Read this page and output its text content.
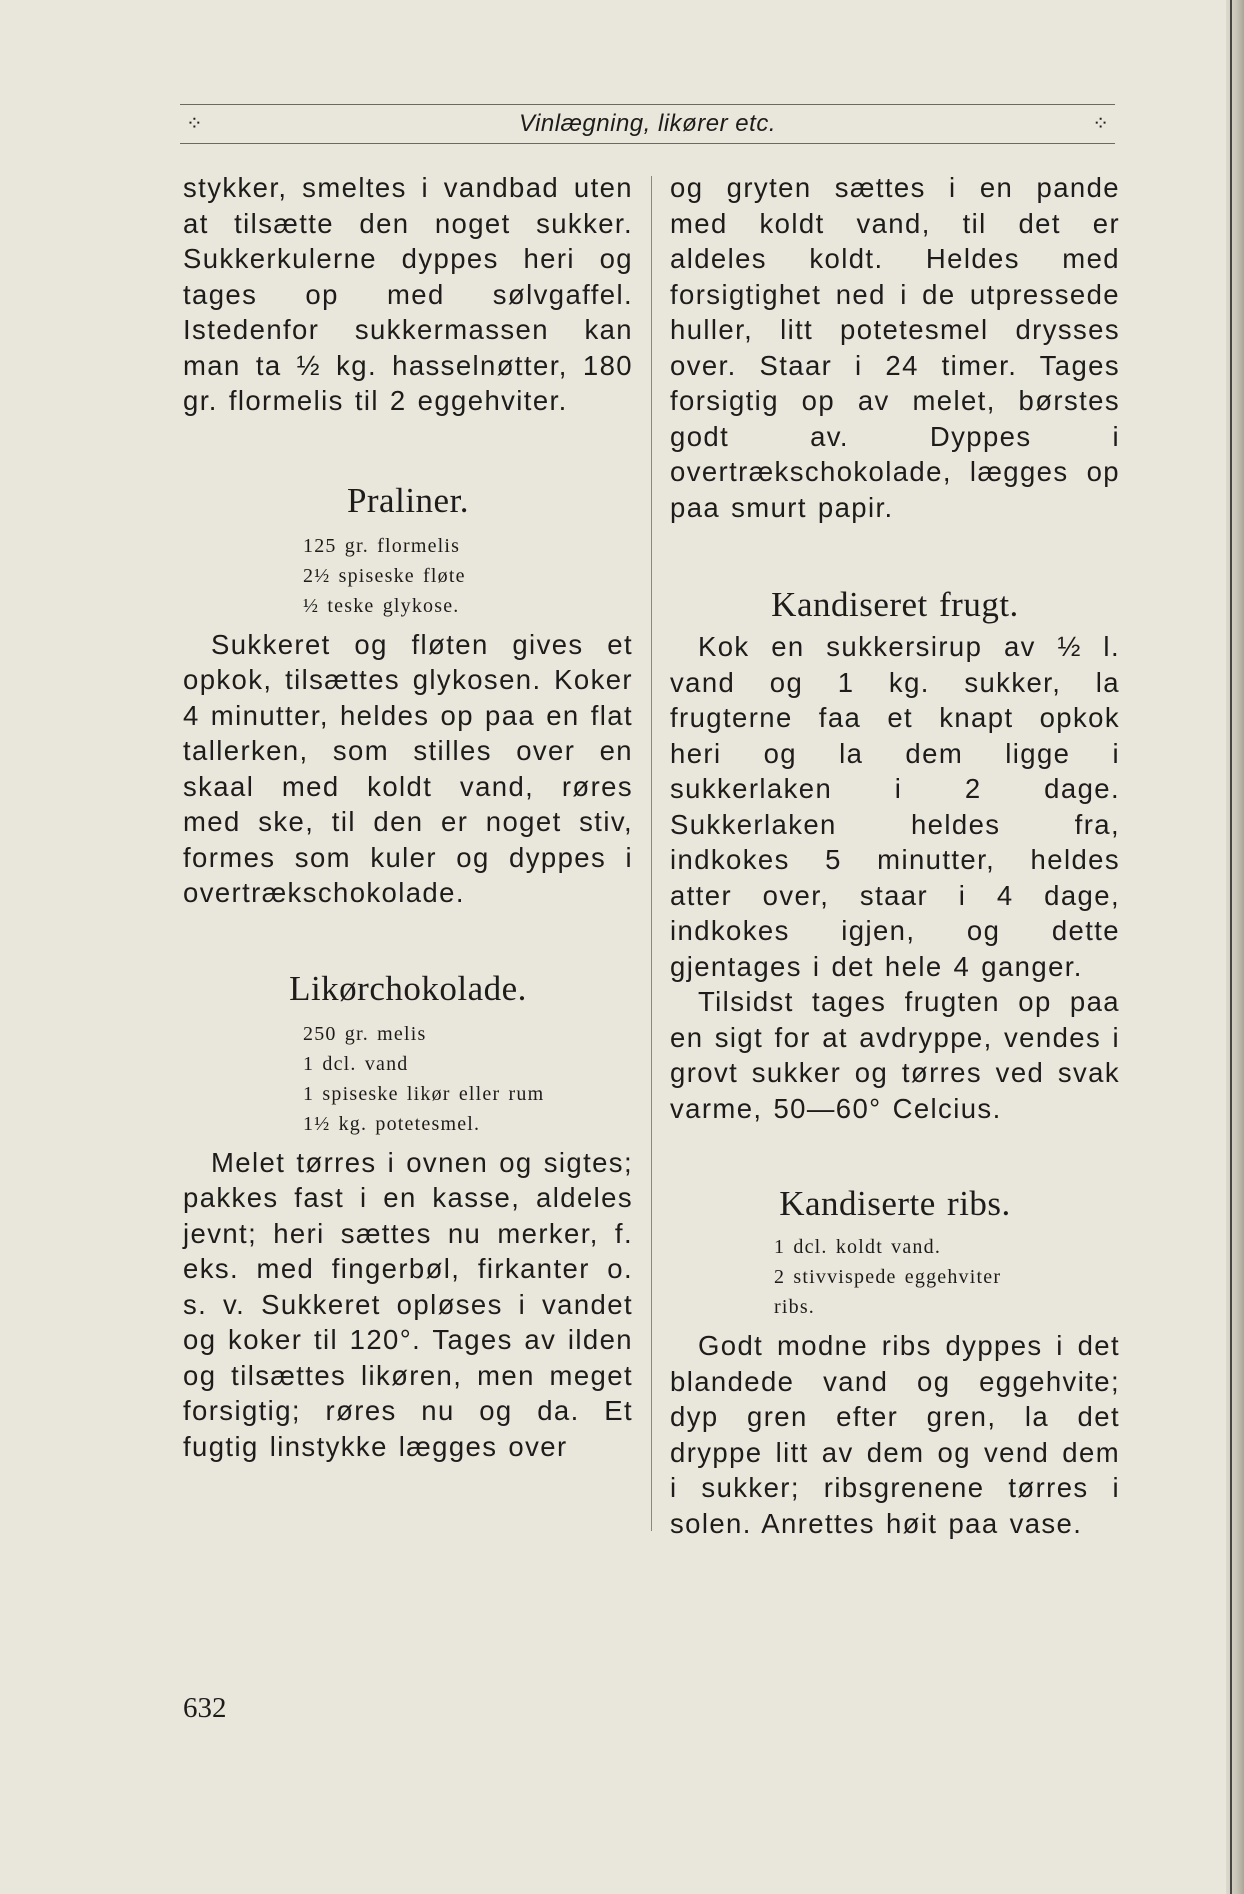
⁘	Vinlægning, likører etc.	⁘

stykker, smeltes i vandbad uten at tilsætte den noget sukker. Sukkerkulerne dyppes heri og tages op med sølvgaffel. Istedenfor sukkermassen kan man ta ½ kg. hasselnøtter, 180 gr. flormelis til 2 eggehviter.

Praliner.
125 gr. flormelis
2½ spiseske fløte
½ teske glykose.

Sukkeret og fløten gives et opkok, tilsættes glykosen. Koker 4 minutter, heldes op paa en flat tallerken, som stilles over en skaal med koldt vand, røres med ske, til den er noget stiv, formes som kuler og dyppes i overtrækschokolade.

Likørchokolade.
250 gr. melis
1 dcl. vand
1 spiseske likør eller rum
1½ kg. potetesmel.

Melet tørres i ovnen og sigtes; pakkes fast i en kasse, aldeles jevnt; heri sættes nu merker, f. eks. med fingerbøl, firkanter o. s. v. Sukkeret opløses i vandet og koker til 120°. Tages av ilden og tilsættes likøren, men meget forsigtig; røres nu og da. Et fugtig linstykke lægges over

og gryten sættes i en pande med koldt vand, til det er aldeles koldt. Heldes med forsigtighet ned i de utpressede huller, litt potetesmel drysses over. Staar i 24 timer. Tages forsigtig op av melet, børstes godt av. Dyppes i overtrækschokolade, lægges op paa smurt papir.

Kandiseret frugt.

Kok en sukkersirup av ½ l. vand og 1 kg. sukker, la frugterne faa et knapt opkok heri og la dem ligge i sukkerlaken i 2 dage. Sukkerlaken heldes fra, indkokes 5 minutter, heldes atter over, staar i 4 dage, indkokes igjen, og dette gjentages i det hele 4 ganger.

Tilsidst tages frugten op paa en sigt for at avdryppe, vendes i grovt sukker og tørres ved svak varme, 50—60° Celcius.

Kandiserte ribs.
1 dcl. koldt vand.
2 stivvispede eggehviter
ribs.

Godt modne ribs dyppes i det blandede vand og eggehvite; dyp gren efter gren, la det dryppe litt av dem og vend dem i sukker; ribsgrenene tørres i solen. Anrettes høit paa vase.

632
